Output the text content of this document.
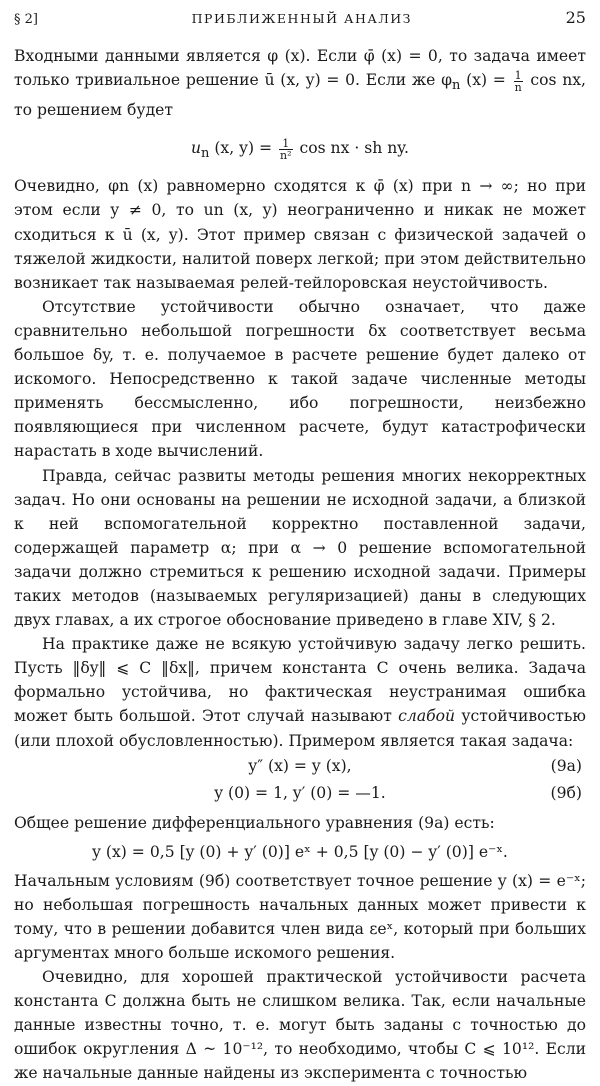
§ 2]	ПРИБЛИЖЕННЫЙ АНАЛИЗ	25

Входными данными является φ (x). Если φ̄ (x) = 0, то задача имеет только тривиальное решение ū (x, y) = 0. Если же $\varphi_n$ $(x) = \frac{1}{n}$ cos nx, то решением будет

$u_n$ (x, $y) = \frac{1}{\text{n²}}$ cos nx · sh ny.

Очевидно, φn (x) равномерно сходятся к φ̄ (x) при n → ∞; но при этом если y ≠ 0, то un (x, y) неограниченно и никак не может сходиться к ū (x, y). Этот пример связан с физической задачей о тяжелой жидкости, налитой поверх легкой; при этом действительно возникает так называемая релей-тейлоровская неустойчивость.

Отсутствие устойчивости обычно означает, что даже сравнительно небольшой погрешности δx соответствует весьма большое δy, т. е. получаемое в расчете решение будет далеко от искомого. Непосредственно к такой задаче численные методы применять бессмысленно, ибо погрешности, неизбежно появляющиеся при численном расчете, будут катастрофически нарастать в ходе вычислений.

Правда, сейчас развиты методы решения многих некорректных задач. Но они основаны на решении не исходной задачи, а близкой к ней вспомогательной корректно поставленной задачи, содержащей параметр α; при α → 0 решение вспомогательной задачи должно стремиться к решению исходной задачи. Примеры таких методов (называемых регуляризацией) даны в следующих двух главах, а их строгое обоснование приведено в главе XIV, § 2.

На практике даже не всякую устойчивую задачу легко решить. Пусть ‖δy‖ ⩽ C ‖δx‖, причем константа C очень велика. Задача формально устойчива, но фактическая неустранимая ошибка может быть большой. Этот случай называют слабой устойчивостью (или плохой обусловленностью). Примером является такая задача:

y″ (x) = y (x),	(9а)
y (0) = 1, y′ (0) = —1.	(9б)

Общее решение дифференциального уравнения (9а) есть:

y (x) = 0,5 [y (0) + y′ (0)] eˣ + 0,5 [y (0) − y′ (0)] e⁻ˣ.

Начальным условиям (9б) соответствует точное решение y (x) = e⁻ˣ; но небольшая погрешность начальных данных может привести к тому, что в решении добавится член вида εeˣ, который при больших аргументах много больше искомого решения.

Очевидно, для хорошей практической устойчивости расчета константа C должна быть не слишком велика. Так, если начальные данные известны точно, т. е. могут быть заданы с точностью до ошибок округления Δ ~ 10⁻¹², то необходимо, чтобы C ⩽ 10¹². Если же начальные данные найдены из эксперимента с точностью
